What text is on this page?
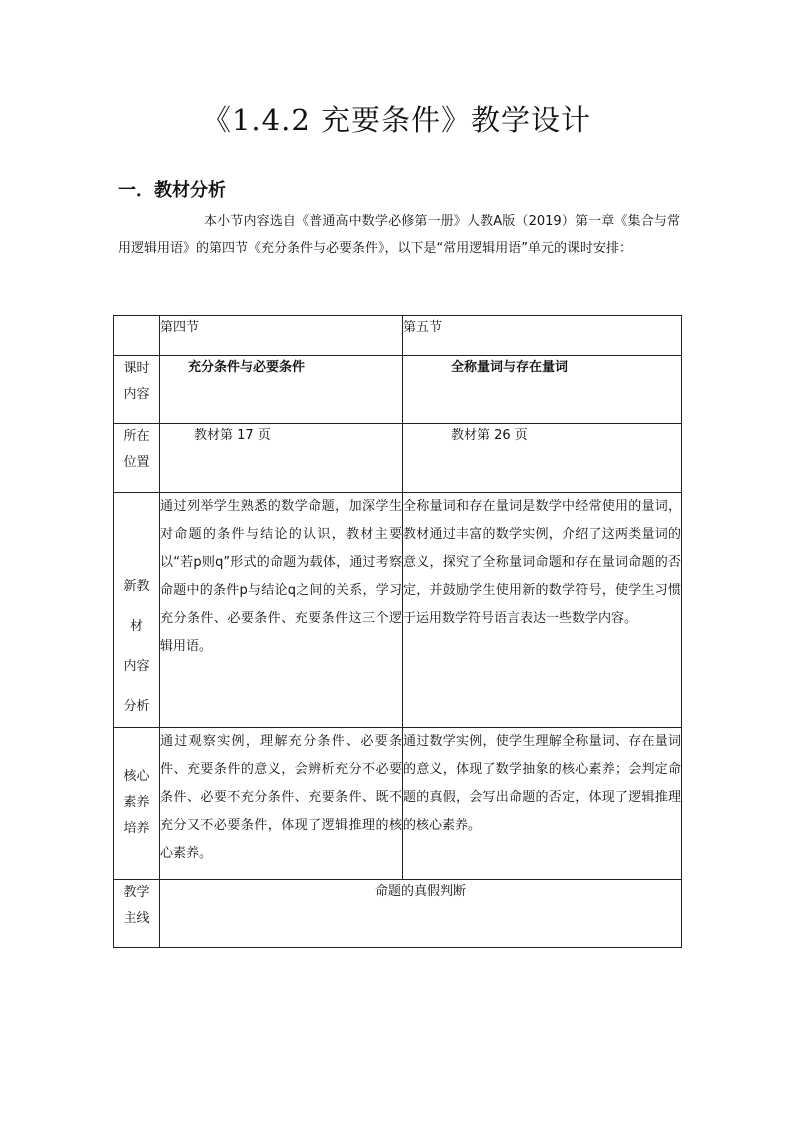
《1.4.2 充要条件》教学设计
一．教材分析
本小节内容选自《普通高中数学必修第一册》人教A版（2019）第一章《集合与常用逻辑用语》的第四节《充分条件与必要条件》，以下是“常用逻辑用语”单元的课时安排：
	第四节	第五节

课时
内容	充分条件与必要条件	全称量词与存在量词

所在
位置	教材第 17 页	教材第 26 页

新教
材
内容
分析	通过列举学生熟悉的数学命题，加深学生对命题的条件与结论的认识，教材主要以“若p则q”形式的命题为载体，通过考察命题中的条件p与结论q之间的关系，学习充分条件、必要条件、充要条件这三个逻辑用语。	全称量词和存在量词是数学中经常使用的量词，教材通过丰富的数学实例，介绍了这两类量词的意义，探究了全称量词命题和存在量词命题的否定，并鼓励学生使用新的数学符号，使学生习惯于运用数学符号语言表达一些数学内容。

核心
素养
培养	通过观察实例，理解充分条件、必要条件、充要条件的意义，会辨析充分不必要条件、必要不充分条件、充要条件、既不充分又不必要条件，体现了逻辑推理的核心素养。	通过数学实例，使学生理解全称量词、存在量词的意义，体现了数学抽象的核心素养；会判定命题的真假，会写出命题的否定，体现了逻辑推理的核心素养。

教学
主线	命题的真假判断	
